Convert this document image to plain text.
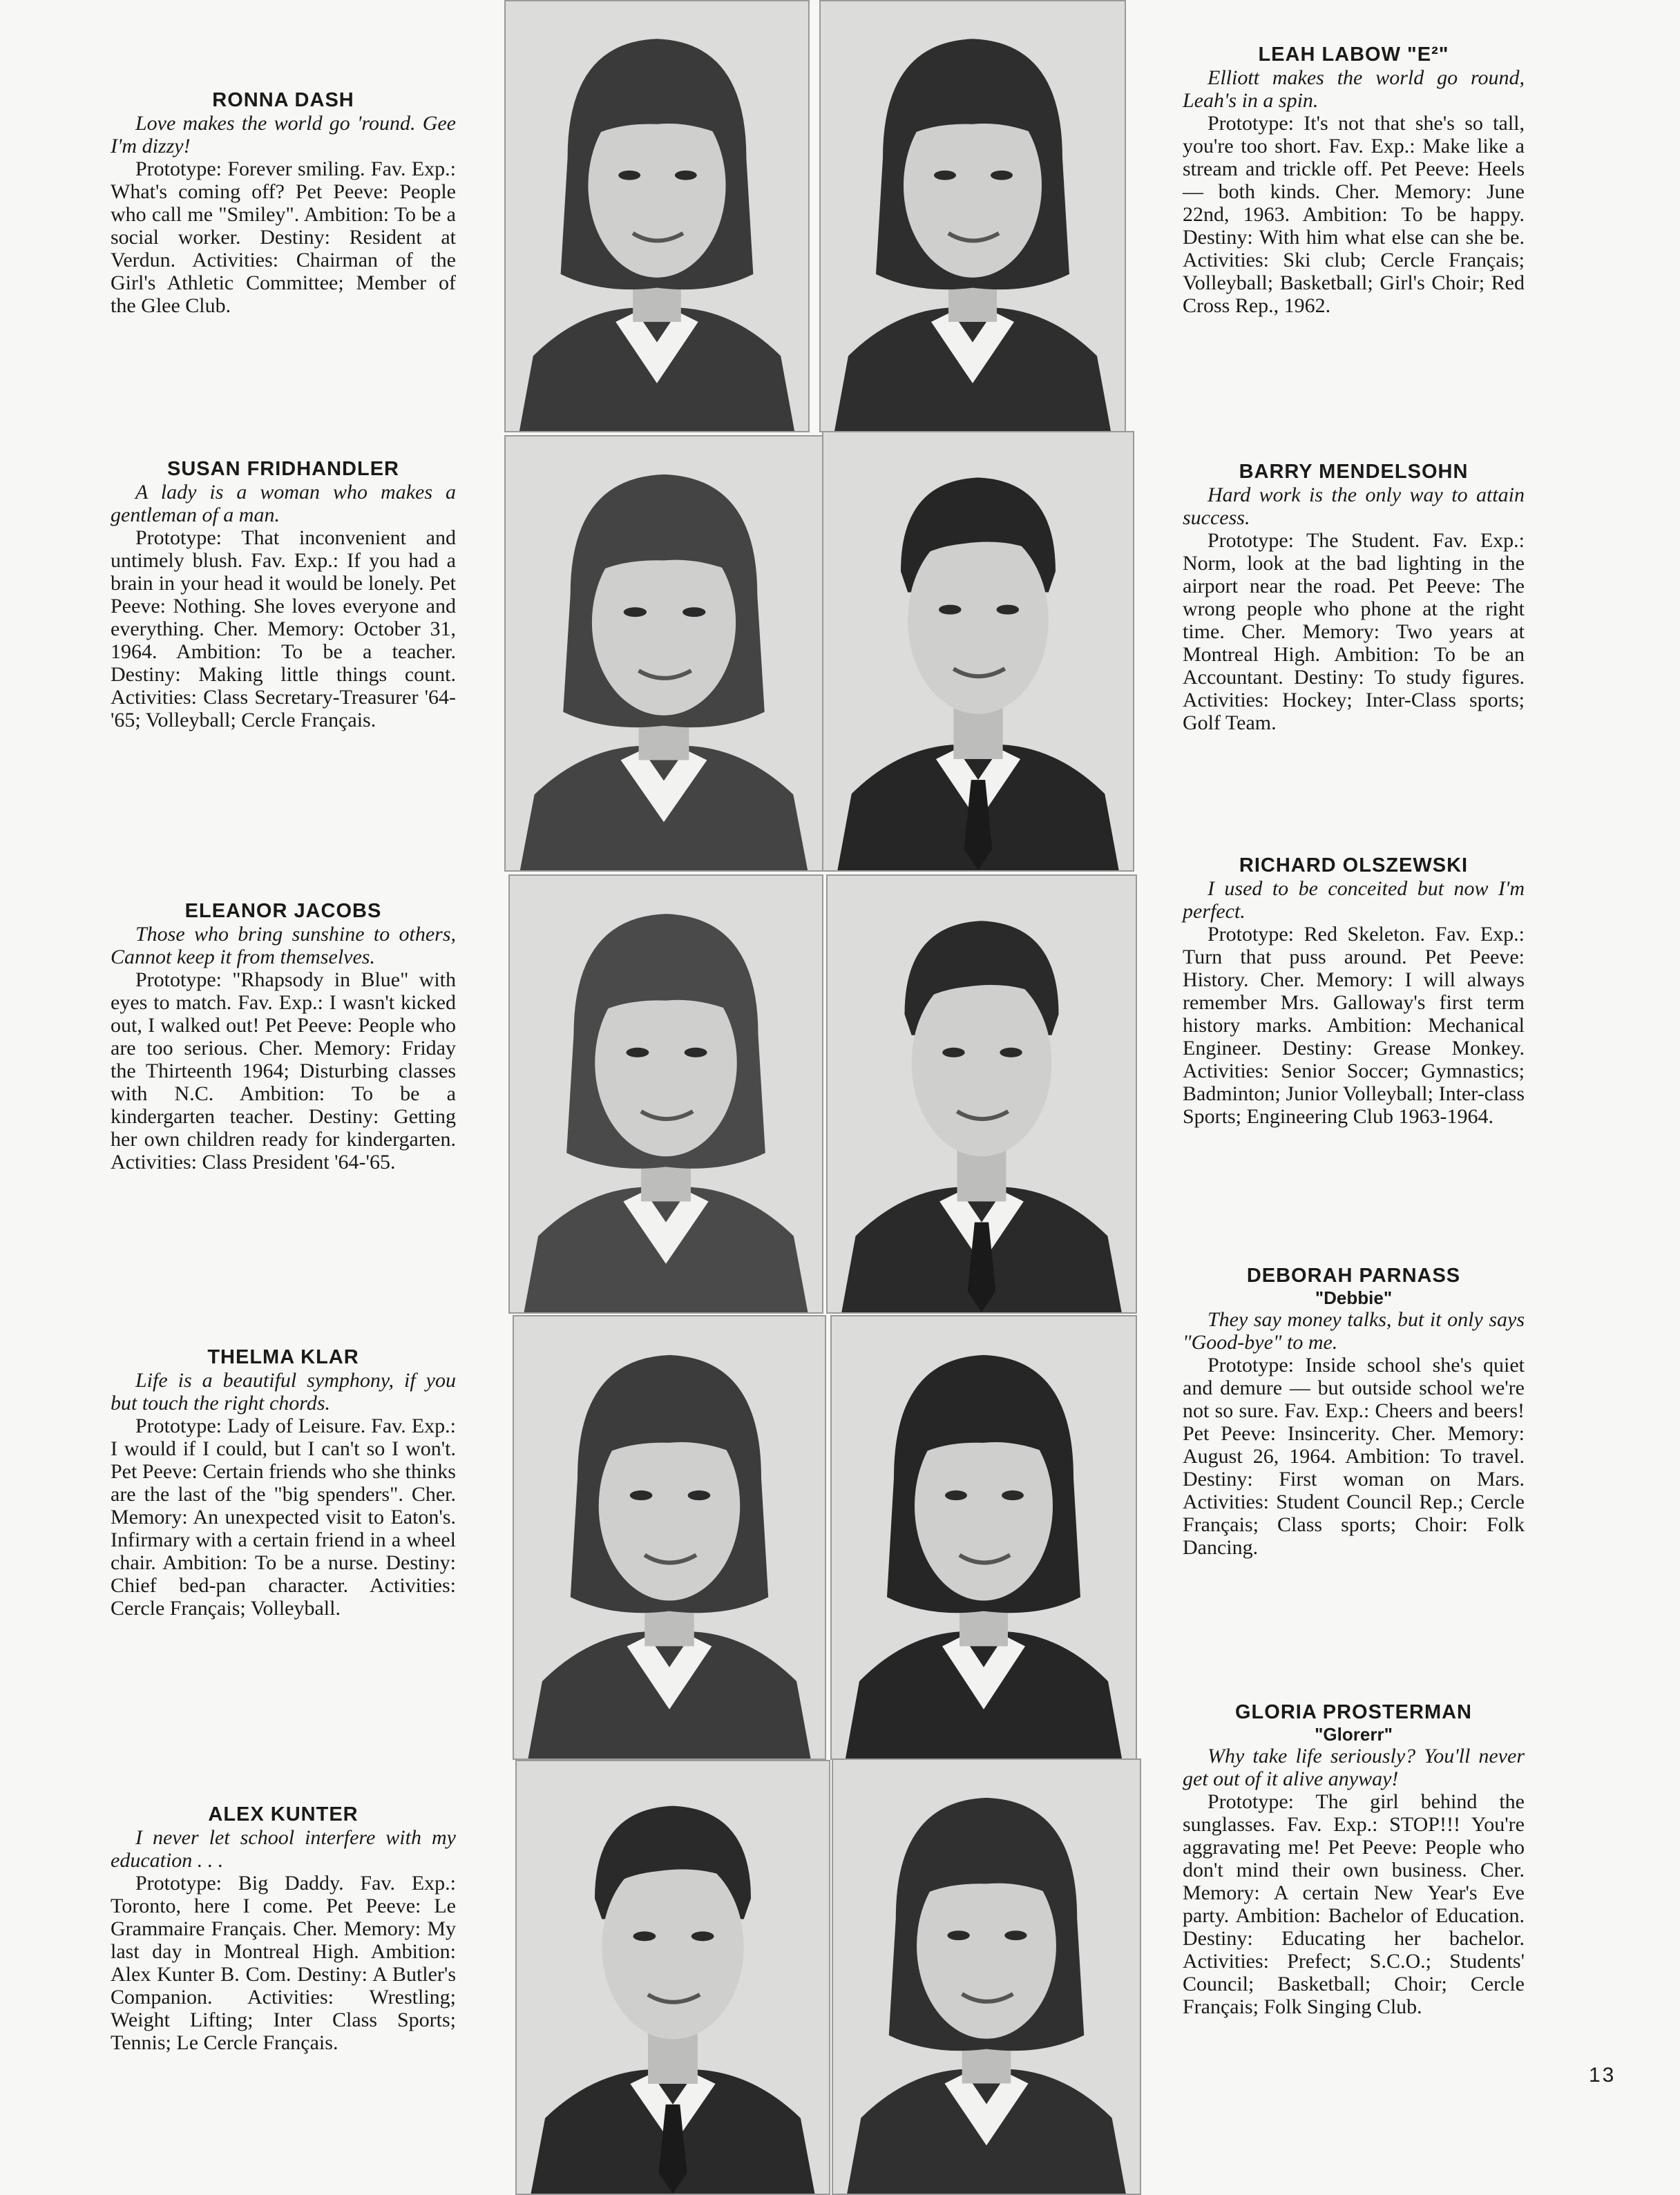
RONNA DASH
Love makes the world go 'round. Gee I'm dizzy!
Prototype: Forever smiling. Fav. Exp.: What's coming off? Pet Peeve: People who call me "Smiley". Ambition: To be a social worker. Destiny: Resident at Verdun. Activities: Chairman of the Girl's Athletic Committee; Member of the Glee Club.
SUSAN FRIDHANDLER
A lady is a woman who makes a gentleman of a man.
Prototype: That inconvenient and untimely blush. Fav. Exp.: If you had a brain in your head it would be lonely. Pet Peeve: Nothing. She loves everyone and everything. Cher. Memory: October 31, 1964. Ambition: To be a teacher. Destiny: Making little things count. Activities: Class Secretary-Treasurer '64-'65; Volleyball; Cercle Français.
ELEANOR JACOBS
Those who bring sunshine to others, Cannot keep it from themselves.
Prototype: "Rhapsody in Blue" with eyes to match. Fav. Exp.: I wasn't kicked out, I walked out! Pet Peeve: People who are too serious. Cher. Memory: Friday the Thirteenth 1964; Disturbing classes with N.C. Ambition: To be a kindergarten teacher. Destiny: Getting her own children ready for kindergarten. Activities: Class President '64-'65.
THELMA KLAR
Life is a beautiful symphony, if you but touch the right chords.
Prototype: Lady of Leisure. Fav. Exp.: I would if I could, but I can't so I won't. Pet Peeve: Certain friends who she thinks are the last of the "big spenders". Cher. Memory: An unexpected visit to Eaton's. Infirmary with a certain friend in a wheel chair. Ambition: To be a nurse. Destiny: Chief bed-pan character. Activities: Cercle Français; Volleyball.
ALEX KUNTER
I never let school interfere with my education . . .
Prototype: Big Daddy. Fav. Exp.: Toronto, here I come. Pet Peeve: Le Grammaire Français. Cher. Memory: My last day in Montreal High. Ambition: Alex Kunter B. Com. Destiny: A Butler's Companion. Activities: Wrestling; Weight Lifting; Inter Class Sports; Tennis; Le Cercle Français.
LEAH LABOW "E²"
Elliott makes the world go round, Leah's in a spin.
Prototype: It's not that she's so tall, you're too short. Fav. Exp.: Make like a stream and trickle off. Pet Peeve: Heels — both kinds. Cher. Memory: June 22nd, 1963. Ambition: To be happy. Destiny: With him what else can she be. Activities: Ski club; Cercle Français; Volleyball; Basketball; Girl's Choir; Red Cross Rep., 1962.
BARRY MENDELSOHN
Hard work is the only way to attain success.
Prototype: The Student. Fav. Exp.: Norm, look at the bad lighting in the airport near the road. Pet Peeve: The wrong people who phone at the right time. Cher. Memory: Two years at Montreal High. Ambition: To be an Accountant. Destiny: To study figures. Activities: Hockey; Inter-Class sports; Golf Team.
RICHARD OLSZEWSKI
I used to be conceited but now I'm perfect.
Prototype: Red Skeleton. Fav. Exp.: Turn that puss around. Pet Peeve: History. Cher. Memory: I will always remember Mrs. Galloway's first term history marks. Ambition: Mechanical Engineer. Destiny: Grease Monkey. Activities: Senior Soccer; Gymnastics; Badminton; Junior Volleyball; Inter-class Sports; Engineering Club 1963-1964.
DEBORAH PARNASS
"Debbie"
They say money talks, but it only says "Good-bye" to me.
Prototype: Inside school she's quiet and demure — but outside school we're not so sure. Fav. Exp.: Cheers and beers! Pet Peeve: Insincerity. Cher. Memory: August 26, 1964. Ambition: To travel. Destiny: First woman on Mars. Activities: Student Council Rep.; Cercle Français; Class sports; Choir: Folk Dancing.
GLORIA PROSTERMAN
"Glorerr"
Why take life seriously? You'll never get out of it alive anyway!
Prototype: The girl behind the sunglasses. Fav. Exp.: STOP!!! You're aggravating me! Pet Peeve: People who don't mind their own business. Cher. Memory: A certain New Year's Eve party. Ambition: Bachelor of Education. Destiny: Educating her bachelor. Activities: Prefect; S.C.O.; Students' Council; Basketball; Choir; Cercle Français; Folk Singing Club.
13
